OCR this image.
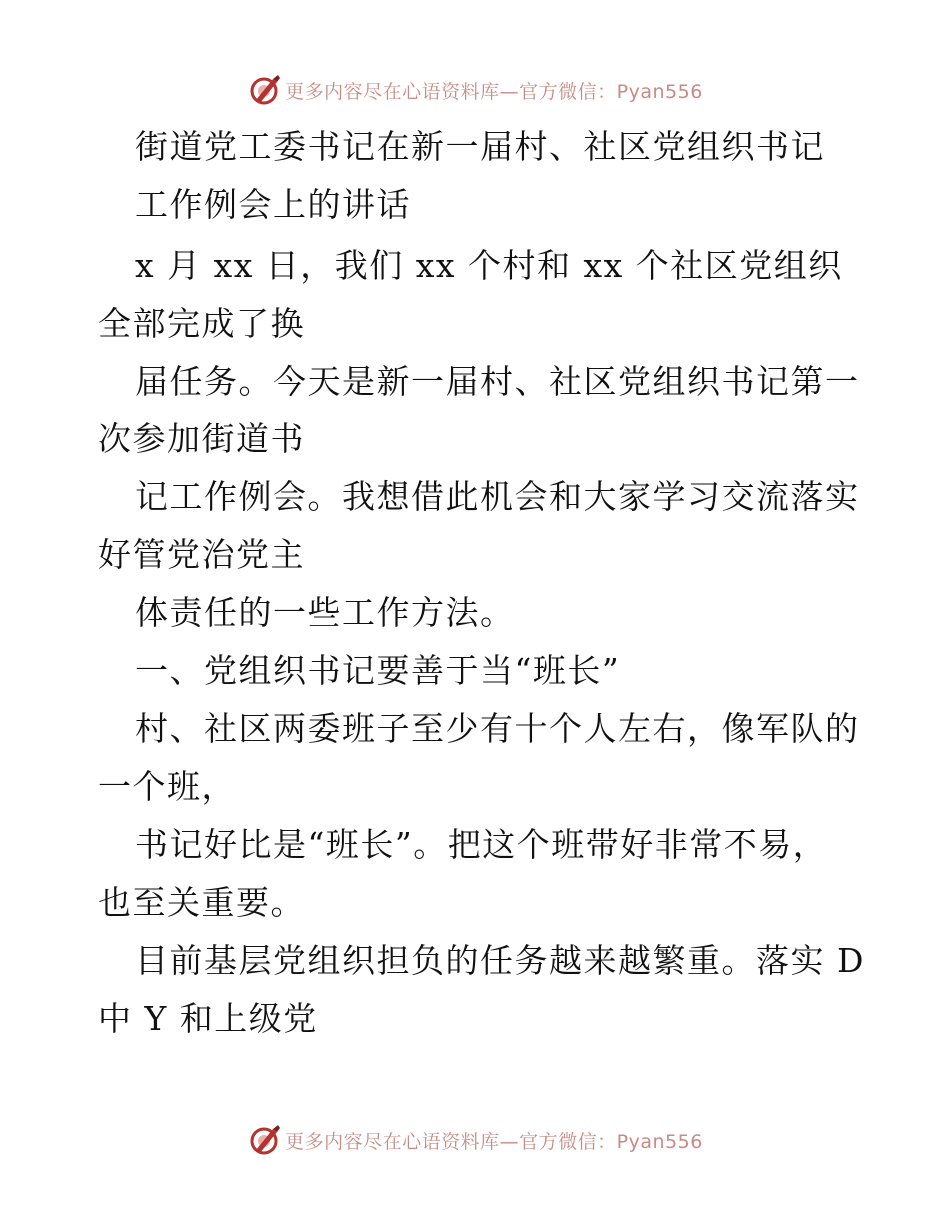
更多内容尽在心语资料库—官方微信：Pyan556
街道党工委书记在新一届村、社区党组织书记
工作例会上的讲话
x 月 xx 日，我们 xx 个村和 xx 个社区党组织
全部完成了换
届任务。今天是新一届村、社区党组织书记第一
次参加街道书
记工作例会。我想借此机会和大家学习交流落实
好管党治党主
体责任的一些工作方法。
一、党组织书记要善于当“班长”
村、社区两委班子至少有十个人左右，像军队的
一个班，
书记好比是“班长”。把这个班带好非常不易，
也至关重要。
目前基层党组织担负的任务越来越繁重。落实 D
中 Y 和上级党
更多内容尽在心语资料库—官方微信：Pyan556
